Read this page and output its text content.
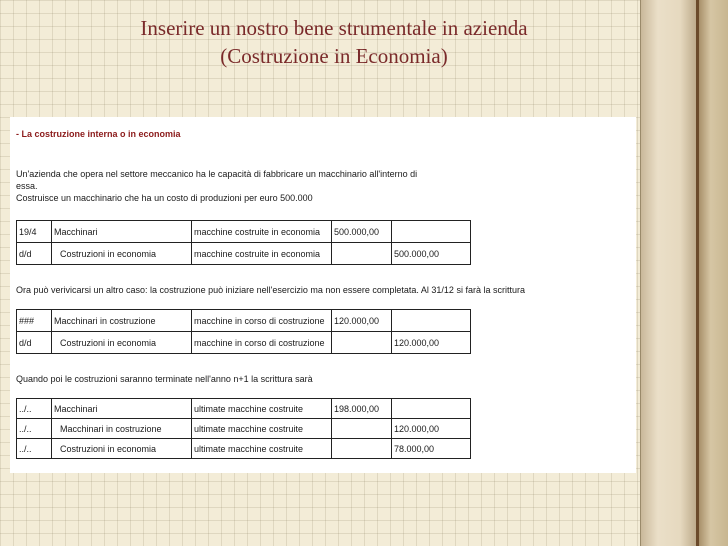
Inserire un nostro bene strumentale in azienda
(Costruzione in Economia)
- La costruzione interna o in economia
Un'azienda che opera nel settore meccanico ha le capacità di fabbricare un macchinario all'interno di
essa.
Costruisce un macchinario che ha un costo di produzioni per euro 500.000
19/4	Macchinari	macchine costruite in economia	500.000,00	
d/d	Costruzioni in economia	macchine costruite in economia		500.000,00
Ora può verivicarsi un altro caso: la costruzione può iniziare nell'esercizio ma non essere completata. Al 31/12 si farà la scrittura
###	Macchinari in costruzione	macchine in corso di costruzione	120.000,00	
d/d	Costruzioni in economia	macchine in corso di costruzione		120.000,00
Quando poi le costruzioni saranno terminate nell'anno n+1 la scrittura sarà
../..	Macchinari	ultimate macchine costruite	198.000,00	
../..	Macchinari in costruzione	ultimate macchine costruite		120.000,00
../..	Costruzioni in economia	ultimate macchine costruite		78.000,00
